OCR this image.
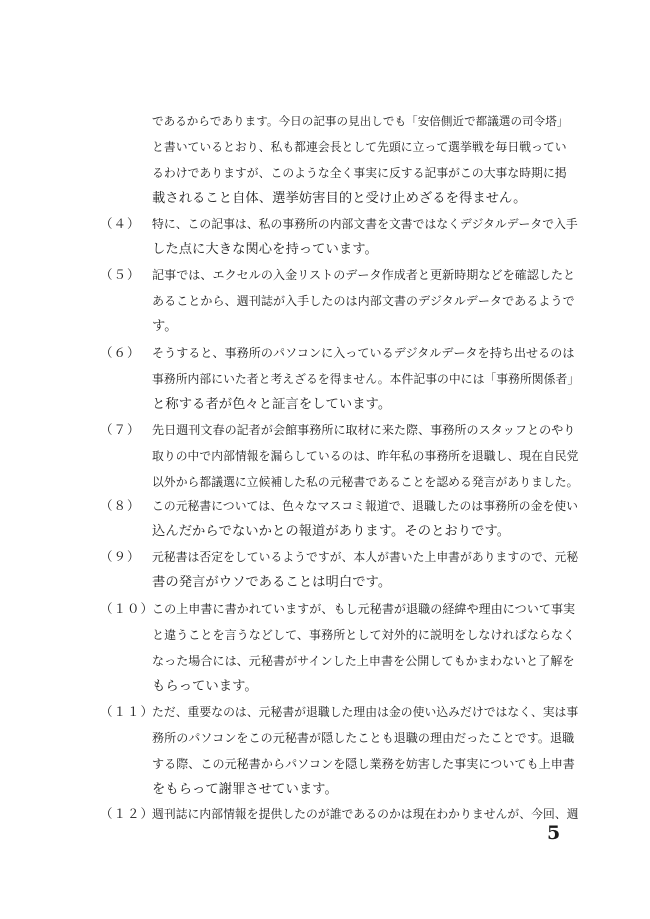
であるからであります。今日の記事の見出しでも「安倍側近で都議選の司令塔」
と書いているとおり、私も都連会長として先頭に立って選挙戦を毎日戦ってい
るわけでありますが、このような全く事実に反する記事がこの大事な時期に掲
載されること自体、選挙妨害目的と受け止めざるを得ません。
（４） 特に、この記事は、私の事務所の内部文書を文書ではなくデジタルデータで入手
した点に大きな関心を持っています。
（５） 記事では、エクセルの入金リストのデータ作成者と更新時期などを確認したと
あることから、週刊誌が入手したのは内部文書のデジタルデータであるようで
す。
（６） そうすると、事務所のパソコンに入っているデジタルデータを持ち出せるのは
事務所内部にいた者と考えざるを得ません。本件記事の中には「事務所関係者」
と称する者が色々と証言をしています。
（７） 先日週刊文春の記者が会館事務所に取材に来た際、事務所のスタッフとのやり
取りの中で内部情報を漏らしているのは、昨年私の事務所を退職し、現在自民党
以外から都議選に立候補した私の元秘書であることを認める発言がありました。
（８） この元秘書については、色々なマスコミ報道で、退職したのは事務所の金を使い
込んだからでないかとの報道があります。そのとおりです。
（９） 元秘書は否定をしているようですが、本人が書いた上申書がありますので、元秘
書の発言がウソであることは明白です。
（１０）
この上申書に書かれていますが、もし元秘書が退職の経緯や理由について事実
と違うことを言うなどして、事務所として対外的に説明をしなければならなく
なった場合には、元秘書がサインした上申書を公開してもかまわないと了解を
もらっています。
（１１）
ただ、重要なのは、元秘書が退職した理由は金の使い込みだけではなく、実は事
務所のパソコンをこの元秘書が隠したことも退職の理由だったことです。退職
する際、この元秘書からパソコンを隠し業務を妨害した事実についても上申書
をもらって謝罪させています。
（１２）
週刊誌に内部情報を提供したのが誰であるのかは現在わかりませんが、今回、週
5
